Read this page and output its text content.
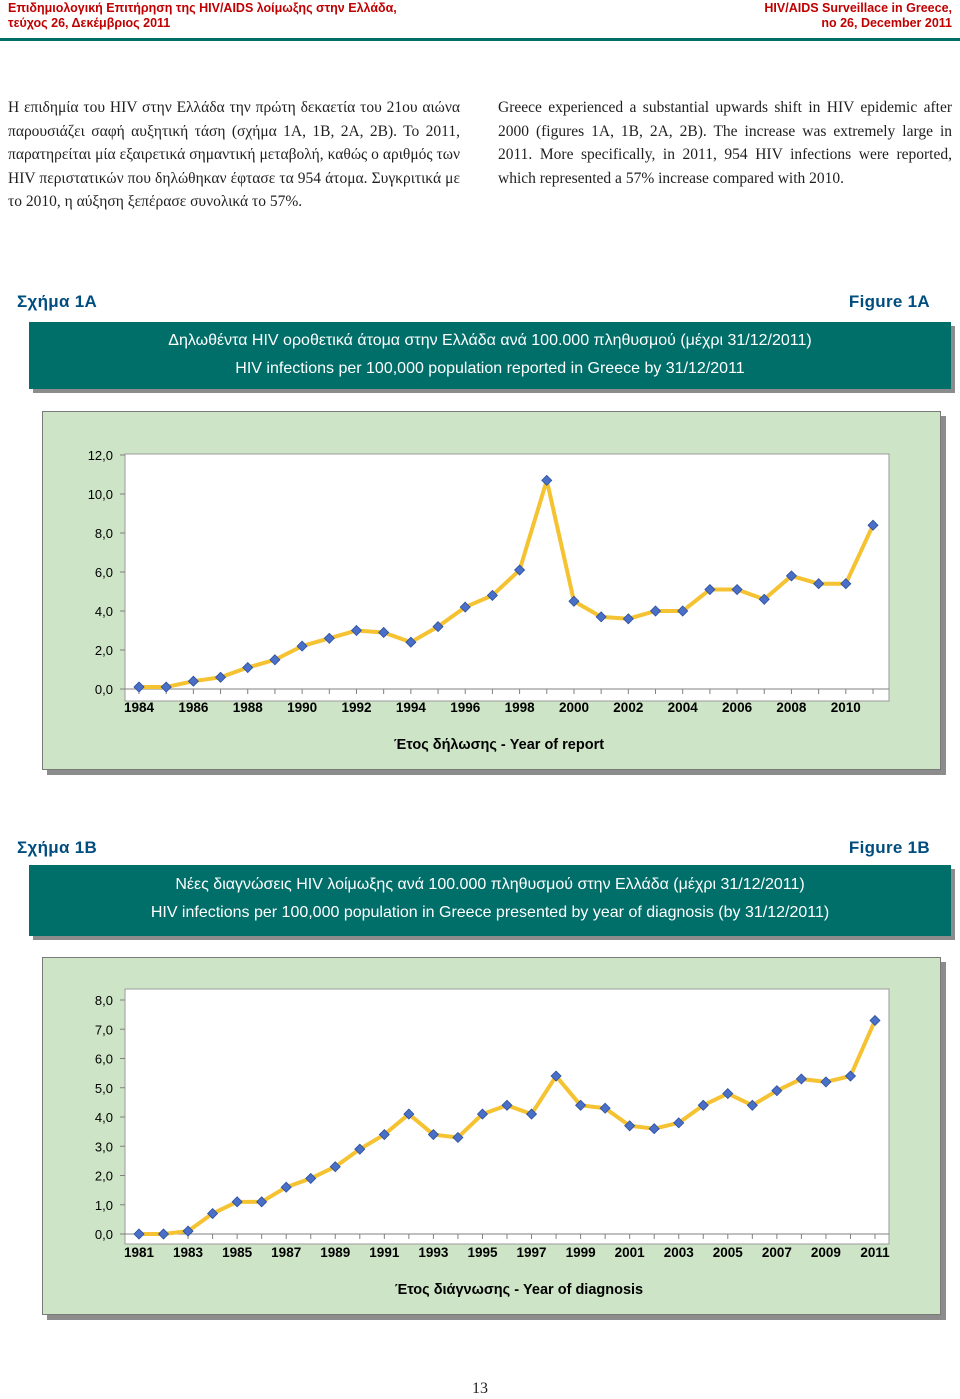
Επιδημιολογική Επιτήρηση της HIV/AIDS λοίμωξης στην Ελλάδα,
τεύχος 26, Δεκέμβριος 2011
HIV/AIDS Surveillace in Greece,
no 26, December 2011
Η επιδημία του HIV στην Ελλάδα την πρώτη δεκαετία του 21ου αιώνα παρουσιάζει σαφή αυξητική τάση (σχήμα 1Α, 1Β, 2Α, 2Β). Το 2011, παρατηρείται μία εξαιρετικά σημαντική μεταβολή, καθώς ο αριθμός των HIV περιστατικών που δηλώθηκαν έφτασε τα 954 άτομα. Συγκριτικά με το 2010, η αύξηση ξεπέρασε συνολικά το 57%.
Greece experienced a substantial upwards shift in HIV epidemic after 2000 (figures 1A, 1B, 2A, 2B). The increase was extremely large in 2011. More specifically, in 2011, 954 HIV infections were reported, which represented a 57% increase compared with 2010.
Σχήμα 1Α	Figure 1A
Δηλωθέντα HIV οροθετικά άτομα στην Ελλάδα ανά 100.000 πληθυσμού (μέχρι 31/12/2011)
HIV infections per 100,000 population reported in Greece by 31/12/2011
0,0
2,0
4,0
6,0
8,0
10,0
12,0
1984 1986 1988 1990 1992 1994 1996 1998 2000 2002 2004 2006 2008 2010
Έτος δήλωσης - Year of report
Σχήμα 1Β	Figure 1B
Νέες διαγνώσεις HIV λοίμωξης ανά 100.000 πληθυσμού στην Ελλάδα (μέχρι 31/12/2011)
HIV infections per 100,000 population in Greece presented by year of diagnosis (by 31/12/2011)
0,0
1,0
2,0
3,0
4,0
5,0
6,0
7,0
8,0
1981 1983 1985 1987 1989 1991 1993 1995 1997 1999 2001 2003 2005 2007 2009 2011
Έτος διάγνωσης - Year of diagnosis
13
